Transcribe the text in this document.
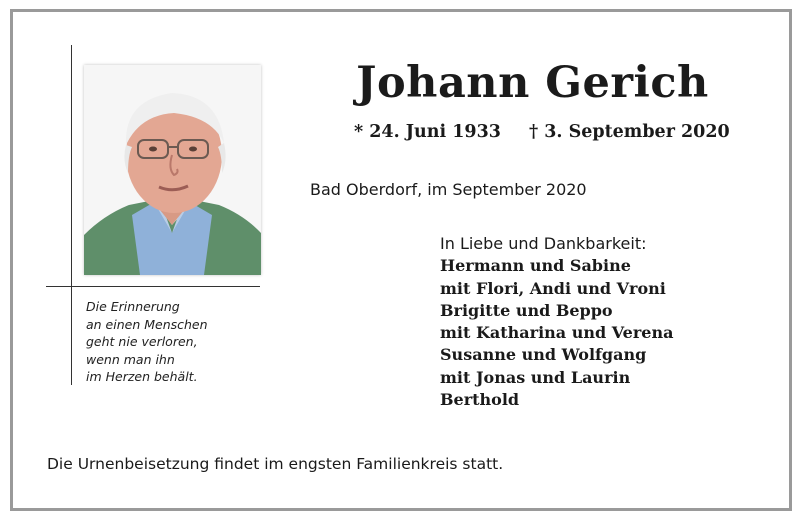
Die Erinnerung
an einen Menschen
geht nie verloren,
wenn man ihn
im Herzen behält.
Johann Gerich
* 24. Juni 1933 † 3. September 2020
Bad Oberdorf, im September 2020
In Liebe und Dankbarkeit:
Hermann und Sabine
mit Flori, Andi und Vroni
Brigitte und Beppo
mit Katharina und Verena
Susanne und Wolfgang
mit Jonas und Laurin
Berthold
Die Urnenbeisetzung findet im engsten Familienkreis statt.
